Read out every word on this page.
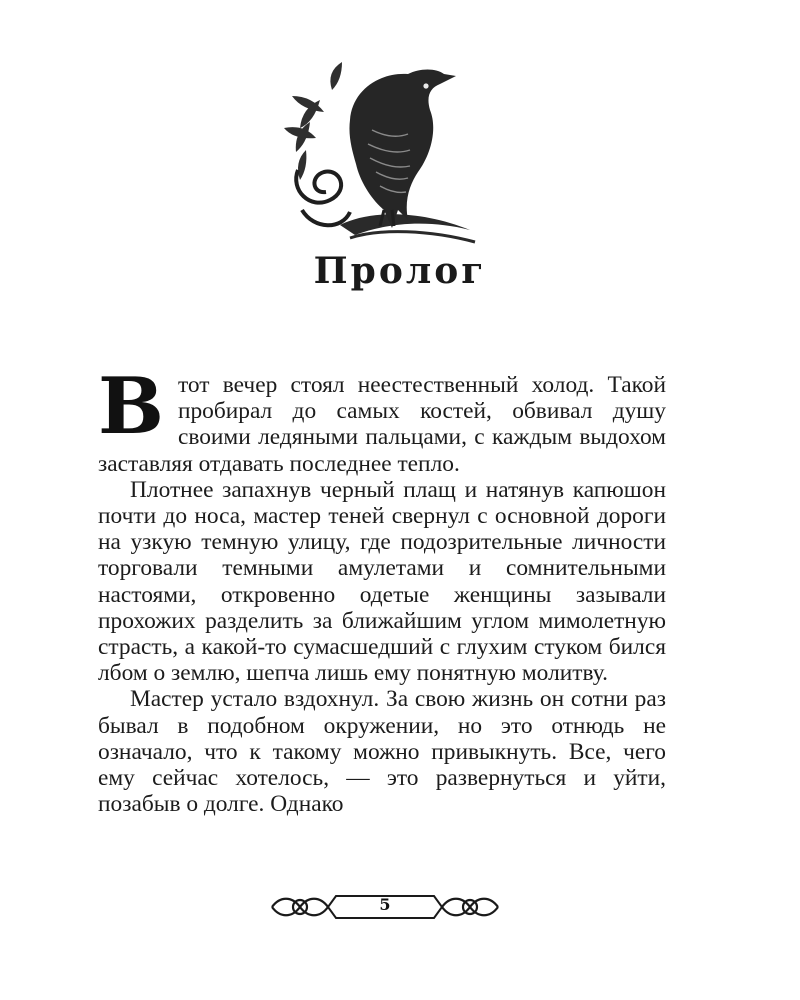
Пролог

Втот вечер стоял неестественный холод. Такой пробирал до самых костей, обвивал душу своими ледяными пальцами, с каждым выдохом заставляя отдавать последнее тепло.

Плотнее запахнув черный плащ и натянув капюшон почти до носа, мастер теней свернул с основной дороги на узкую темную улицу, где подозрительные личности торговали темными амулетами и сомнительными настоями, откровенно одетые женщины зазывали прохожих разделить за ближайшим углом мимолетную страсть, а какой-то сумасшедший с глухим стуком бился лбом о землю, шепча лишь ему понятную молитву.

Мастер устало вздохнул. За свою жизнь он сотни раз бывал в подобном окружении, но это отнюдь не означало, что к такому можно привыкнуть. Все, чего ему сейчас хотелось, — это развернуться и уйти, позабыв о долге. Однако

5
